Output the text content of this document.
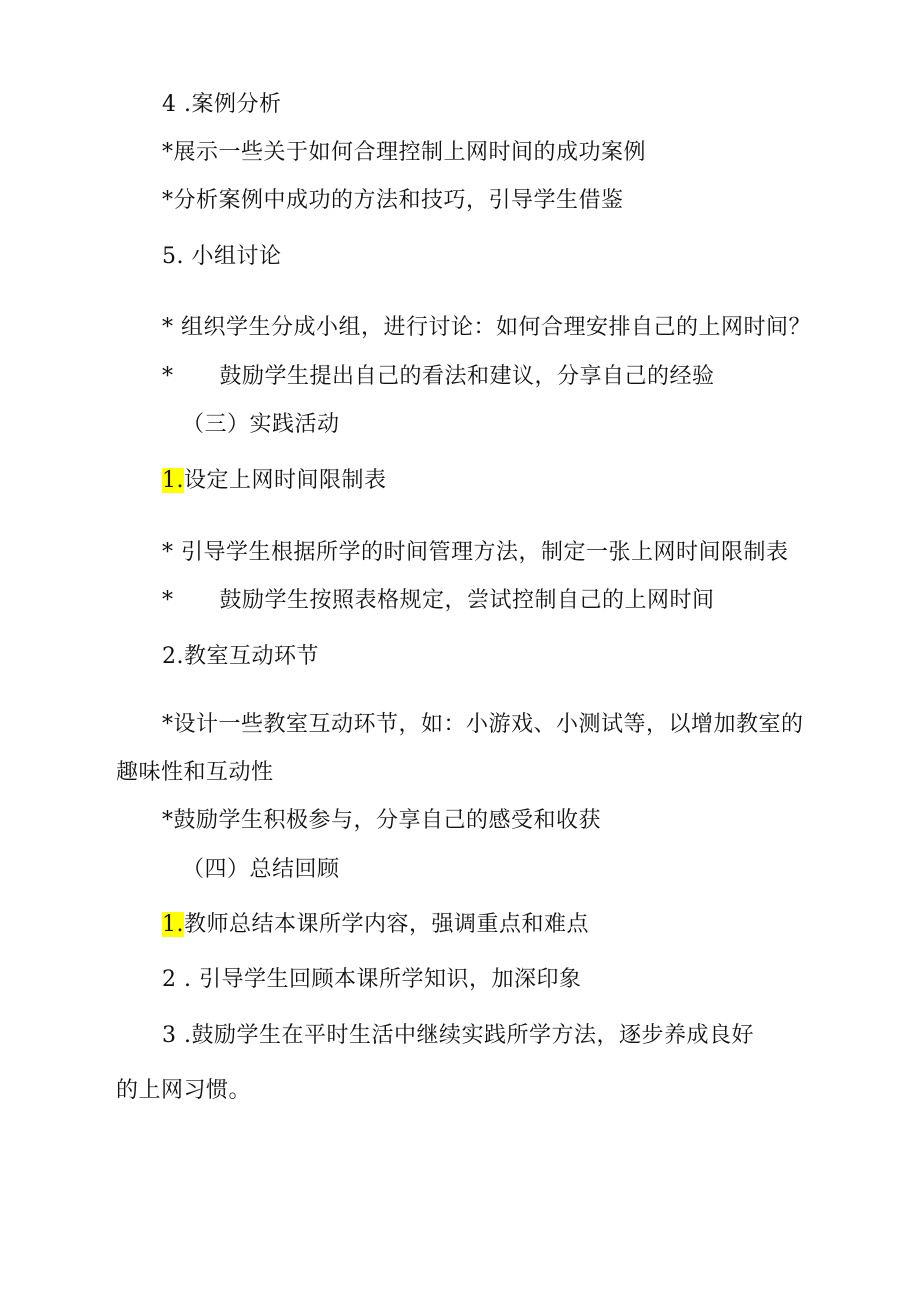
4 .案例分析
*展示一些关于如何合理控制上网时间的成功案例
*分析案例中成功的方法和技巧，引导学生借鉴
5. 小组讨论
* 组织学生分成小组，进行讨论：如何合理安排自己的上网时间？
* 鼓励学生提出自己的看法和建议，分享自己的经验
（三）实践活动
1.设定上网时间限制表
* 引导学生根据所学的时间管理方法，制定一张上网时间限制表
* 鼓励学生按照表格规定，尝试控制自己的上网时间
2.教室互动环节
*设计一些教室互动环节，如：小游戏、小测试等，以增加教室的
趣味性和互动性
*鼓励学生积极参与，分享自己的感受和收获
（四）总结回顾
1.教师总结本课所学内容，强调重点和难点
2 . 引导学生回顾本课所学知识，加深印象
3 .鼓励学生在平时生活中继续实践所学方法，逐步养成良好
的上网习惯。
